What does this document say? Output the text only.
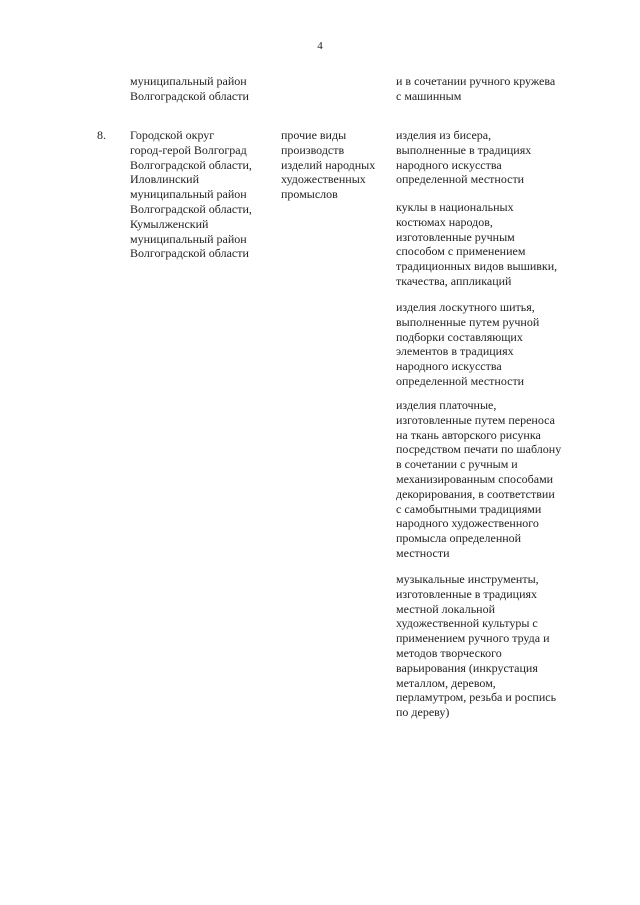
4
муниципальный район
Волгоградской области
и в сочетании ручного кружева
с машинным
8. Городской округ
город-герой Волгоград
Волгоградской области,
Иловлинский
муниципальный район
Волгоградской области,
Кумылженский
муниципальный район
Волгоградской области
прочие виды
производств
изделий народных
художественных
промыслов
изделия из бисера,
выполненные в традициях
народного искусства
определенной местности
куклы в национальных
костюмах народов,
изготовленные ручным
способом с применением
традиционных видов вышивки,
ткачества, аппликаций
изделия лоскутного шитья,
выполненные путем ручной
подборки составляющих
элементов в традициях
народного искусства
определенной местности
изделия платочные,
изготовленные путем переноса
на ткань авторского рисунка
посредством печати по шаблону
в сочетании с ручным и
механизированным способами
декорирования, в соответствии
с самобытными традициями
народного художественного
промысла определенной
местности
музыкальные инструменты,
изготовленные в традициях
местной локальной
художественной культуры с
применением ручного труда и
методов творческого
варьирования (инкрустация
металлом, деревом,
перламутром, резьба и роспись
по дереву)
